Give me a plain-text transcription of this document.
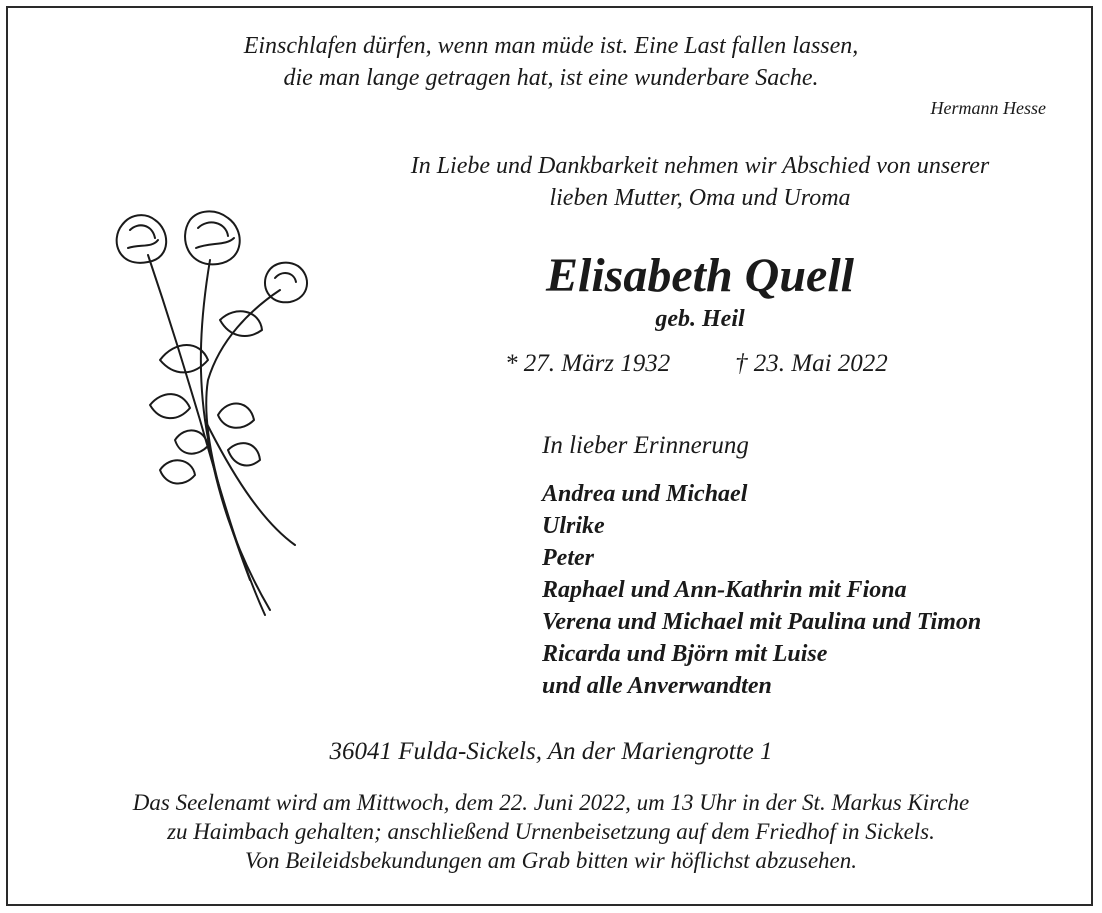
Einschlafen dürfen, wenn man müde ist. Eine Last fallen lassen,
die man lange getragen hat, ist eine wunderbare Sache.
Hermann Hesse
In Liebe und Dankbarkeit nehmen wir Abschied von unserer
lieben Mutter, Oma und Uroma
Elisabeth Quell
geb. Heil
* 27. März 1932	† 23. Mai 2022
In lieber Erinnerung
Andrea und Michael
Ulrike
Peter
Raphael und Ann-Kathrin mit Fiona
Verena und Michael mit Paulina und Timon
Ricarda und Björn mit Luise
und alle Anverwandten
36041 Fulda-Sickels, An der Mariengrotte 1
Das Seelenamt wird am Mittwoch, dem 22. Juni 2022, um 13 Uhr in der St. Markus Kirche
zu Haimbach gehalten; anschließend Urnenbeisetzung auf dem Friedhof in Sickels.
Von Beileidsbekundungen am Grab bitten wir höflichst abzusehen.
